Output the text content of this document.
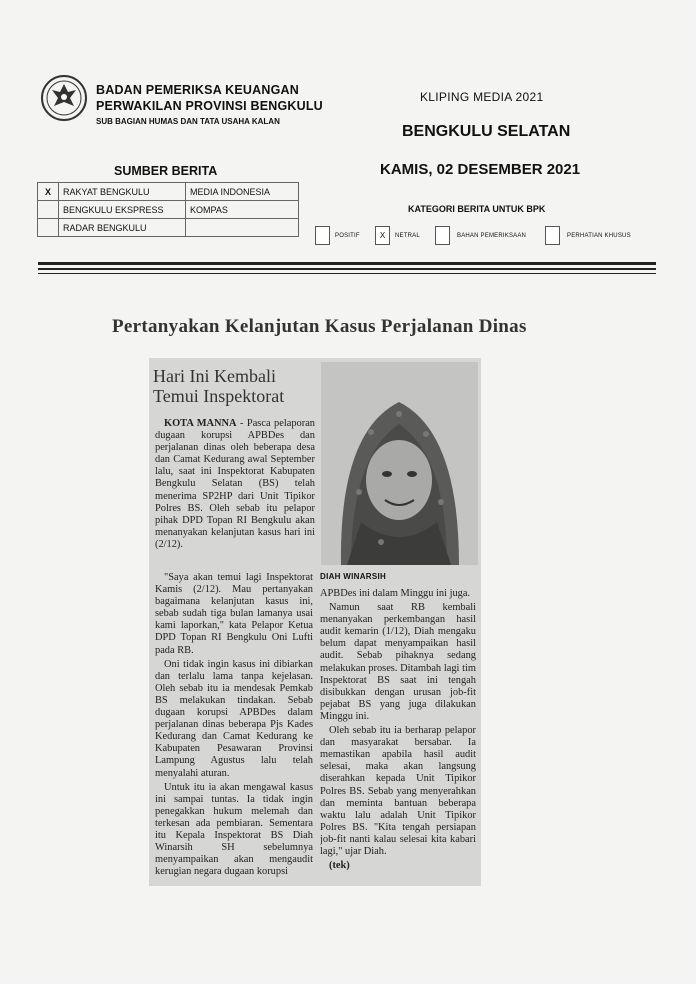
BADAN PEMERIKSA KEUANGAN
PERWAKILAN PROVINSI BENGKULU
SUB BAGIAN HUMAS DAN TATA USAHA KALAN
KLIPING MEDIA 2021
BENGKULU SELATAN
KAMIS, 02 DESEMBER 2021
SUMBER BERITA
X	RAKYAT BENGKULU	MEDIA INDONESIA
	BENGKULU EKSPRESS	KOMPAS
	RADAR BENGKULU	
KATEGORI BERITA UNTUK BPK
POSITIF	X	NETRAL	BAHAN PEMERIKSAAN	PERHATIAN KHUSUS
Pertanyakan Kelanjutan Kasus Perjalanan Dinas
Hari Ini Kembali
Temui Inspektorat

KOTA MANNA - Pasca pelaporan dugaan korupsi APBDes dan perjalanan dinas oleh beberapa desa dan Camat Kedurang awal September lalu, saat ini Inspektorat Kabupaten Bengkulu Selatan (BS) telah menerima SP2HP dari Unit Tipikor Polres BS. Oleh sebab itu pelapor pihak DPD Topan RI Bengkulu akan menanyakan kelanjutan kasus hari ini (2/12).

DIAH WINARSIH

"Saya akan temui lagi Inspektorat Kamis (2/12). Mau pertanyakan bagaimana kelanjutan kasus ini, sebab sudah tiga bulan lamanya usai kami laporkan," kata Pelapor Ketua DPD Topan RI Bengkulu Oni Lufti pada RB.

Oni tidak ingin kasus ini dibiarkan dan terlalu lama tanpa kejelasan. Oleh sebab itu ia mendesak Pemkab BS melakukan tindakan. Sebab dugaan korupsi APBDes dalam perjalanan dinas beberapa Pjs Kades Kedurang dan Camat Kedurang ke Kabupaten Pesawaran Provinsi Lampung Agustus lalu telah menyalahi aturan.

Untuk itu ia akan mengawal kasus ini sampai tuntas. Ia tidak ingin penegakkan hukum melemah dan terkesan ada pembiaran. Sementara itu Kepala Inspektorat BS Diah Winarsih SH sebelumnya menyampaikan akan mengaudit kerugian negara dugaan korupsi

APBDes ini dalam Minggu ini juga.

Namun saat RB kembali menanyakan perkembangan hasil audit kemarin (1/12), Diah mengaku belum dapat menyampaikan hasil audit. Sebab pihaknya sedang melakukan proses. Ditambah lagi tim Inspektorat BS saat ini tengah disibukkan dengan urusan job-fit pejabat BS yang juga dilakukan Minggu ini.

Oleh sebab itu ia berharap pelapor dan masyarakat bersabar. Ia memastikan apabila hasil audit selesai, maka akan langsung diserahkan kepada Unit Tipikor Polres BS. Sebab yang menyerahkan dan meminta bantuan beberapa waktu lalu adalah Unit Tipikor Polres BS. "Kita tengah persiapan job-fit nanti kalau selesai kita kabari lagi," ujar Diah.

(tek)
